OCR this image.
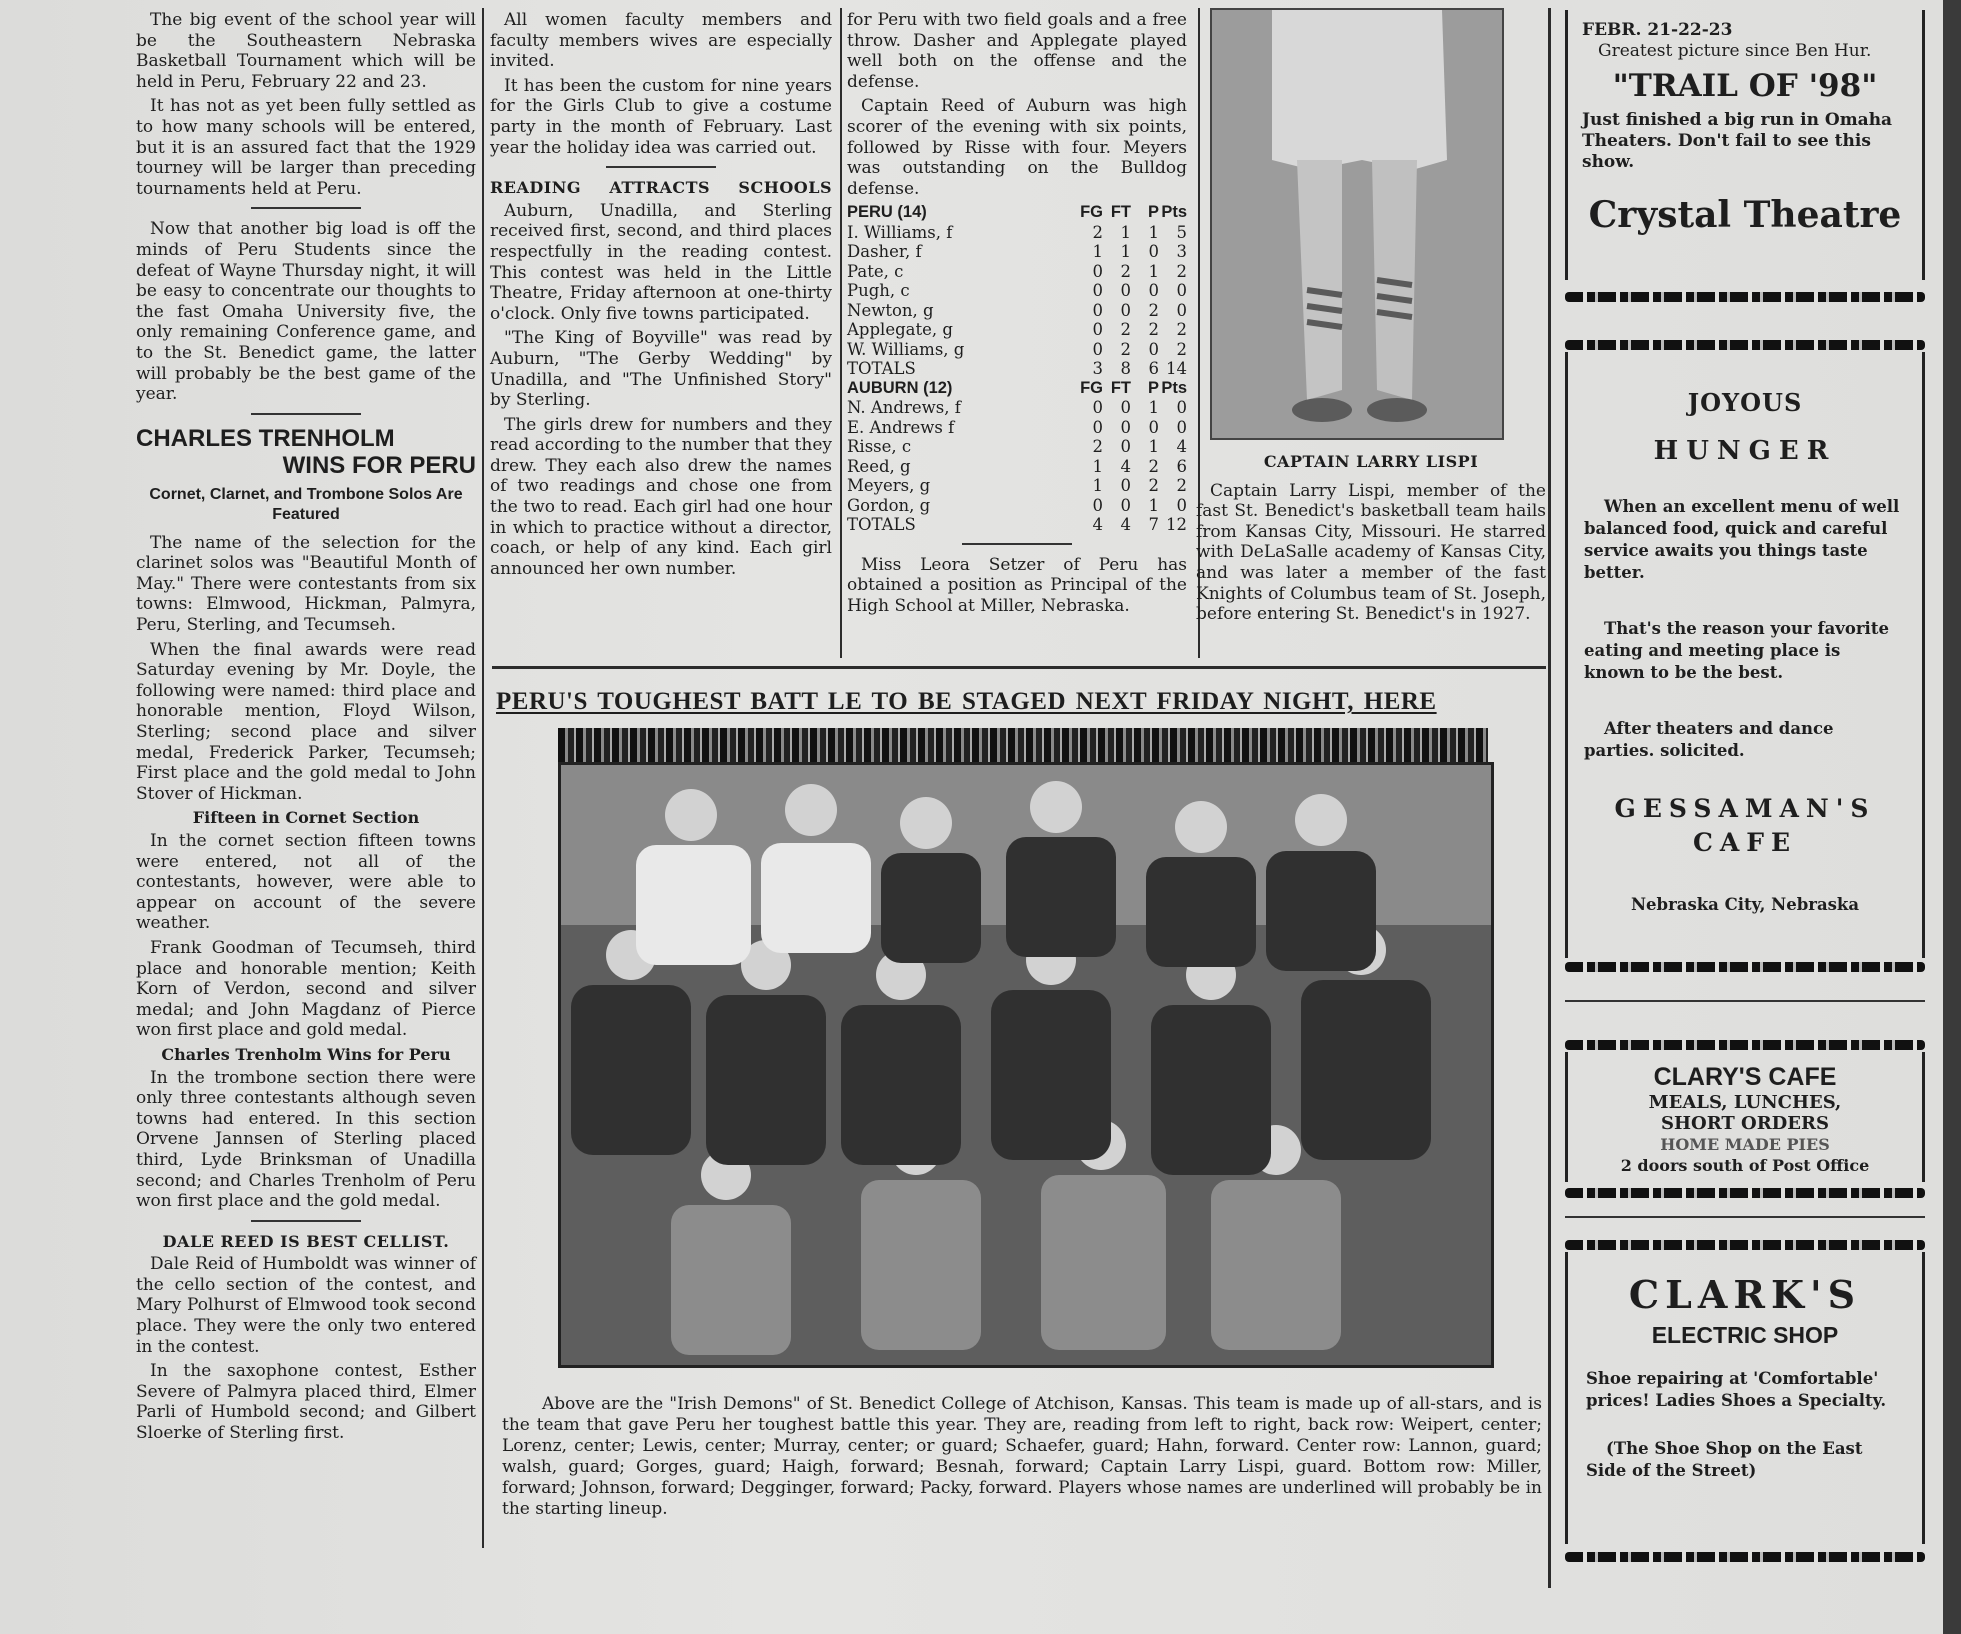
The big event of the school year will be the Southeastern Nebraska Basketball Tournament which will be held in Peru, February 22 and 23.

It has not as yet been fully settled as to how many schools will be entered, but it is an assured fact that the 1929 tourney will be larger than preceding tournaments held at Peru.

Now that another big load is off the minds of Peru Students since the defeat of Wayne Thursday night, it will be easy to concentrate our thoughts to the fast Omaha University five, the only remaining Conference game, and to the St. Benedict game, the latter will probably be the best game of the year.

CHARLES TRENHOLM
WINS FOR PERU
Cornet, Clarnet, and Trombone Solos Are Featured

The name of the selection for the clarinet solos was "Beautiful Month of May." There were contestants from six towns: Elmwood, Hickman, Palmyra, Peru, Sterling, and Tecumseh.

When the final awards were read Saturday evening by Mr. Doyle, the following were named: third place and honorable mention, Floyd Wilson, Sterling; second place and silver medal, Frederick Parker, Tecumseh; First place and the gold medal to John Stover of Hickman.

Fifteen in Cornet Section

In the cornet section fifteen towns were entered, not all of the contestants, however, were able to appear on account of the severe weather.

Frank Goodman of Tecumseh, third place and honorable mention; Keith Korn of Verdon, second and silver medal; and John Magdanz of Pierce won first place and gold medal.

Charles Trenholm Wins for Peru

In the trombone section there were only three contestants although seven towns had entered. In this section Orvene Jannsen of Sterling placed third, Lyde Brinksman of Unadilla second; and Charles Trenholm of Peru won first place and the gold medal.

DALE REED IS BEST CELLIST.

Dale Reid of Humboldt was winner of the cello section of the contest, and Mary Polhurst of Elmwood took second place. They were the only two entered in the contest.

In the saxophone contest, Esther Severe of Palmyra placed third, Elmer Parli of Humbold second; and Gilbert Sloerke of Sterling first.

All women faculty members and faculty members wives are especially invited.

It has been the custom for nine years for the Girls Club to give a costume party in the month of February. Last year the holiday idea was carried out.

READING ATTRACTS SCHOOLS

Auburn, Unadilla, and Sterling received first, second, and third places respectfully in the reading contest. This contest was held in the Little Theatre, Friday afternoon at one-thirty o'clock. Only five towns participated.

"The King of Boyville" was read by Auburn, "The Gerby Wedding" by Unadilla, and "The Unfinished Story" by Sterling.

The girls drew for numbers and they read according to the number that they drew. They each also drew the names of two readings and chose one from the two to read. Each girl had one hour in which to practice without a director, coach, or help of any kind. Each girl announced her own number.

for Peru with two field goals and a free throw. Dasher and Applegate played well both on the offense and the defense.

Captain Reed of Auburn was high scorer of the evening with six points, followed by Risse with four. Meyers was outstanding on the Bulldog defense.

PERU (14)	FG	FT	P	Pts
I. Williams, f	2	1	1	5
Dasher, f	1	1	0	3
Pate, c	0	2	1	2
Pugh, c	0	0	0	0
Newton, g	0	0	2	0
Applegate, g	0	2	2	2
W. Williams, g	0	2	0	2
TOTALS	3	8	6	14
AUBURN (12)	FG	FT	P	Pts
N. Andrews, f	0	0	1	0
E. Andrews f	0	0	0	0
Risse, c	2	0	1	4
Reed, g	1	4	2	6
Meyers, g	1	0	2	2
Gordon, g	0	0	1	0
TOTALS	4	4	7	12

Miss Leora Setzer of Peru has obtained a position as Principal of the High School at Miller, Nebraska.

CAPTAIN LARRY LISPI

Captain Larry Lispi, member of the fast St. Benedict's basketball team hails from Kansas City, Missouri. He starred with DeLaSalle academy of Kansas City, and was later a member of the fast Knights of Columbus team of St. Joseph, before entering St. Benedict's in 1927.

PERU'S TOUGHEST BATT LE TO BE STAGED NEXT FRIDAY NIGHT, HERE

Above are the "Irish Demons" of St. Benedict College of Atchison, Kansas. This team is made up of all-stars, and is the team that gave Peru her toughest battle this year. They are, reading from left to right, back row: Weipert, center; Lorenz, center; Lewis, center; Murray, center; or guard; Schaefer, guard; Hahn, forward. Center row: Lannon, guard; walsh, guard; Gorges, guard; Haigh, forward; Besnah, forward; Captain Larry Lispi, guard. Bottom row: Miller, forward; Johnson, forward; Degginger, forward; Packy, forward. Players whose names are underlined will probably be in the starting lineup.

FEBR. 21-22-23
Greatest picture since Ben Hur.
"TRAIL OF '98"
Just finished a big run in Omaha Theaters. Don't fail to see this show.
Crystal Theatre
JOYOUS
HUNGER
When an excellent menu of well balanced food, quick and careful service awaits you things taste better.
That's the reason your favorite eating and meeting place is known to be the best.
After theaters and dance parties. solicited.
GESSAMAN'S
CAFE
Nebraska City, Nebraska
CLARY'S CAFE
MEALS, LUNCHES,
SHORT ORDERS
HOME MADE PIES
2 doors south of Post Office
CLARK'S
ELECTRIC SHOP
Shoe repairing at 'Comfortable' prices! Ladies Shoes a Specialty.
(The Shoe Shop on the East Side of the Street)
